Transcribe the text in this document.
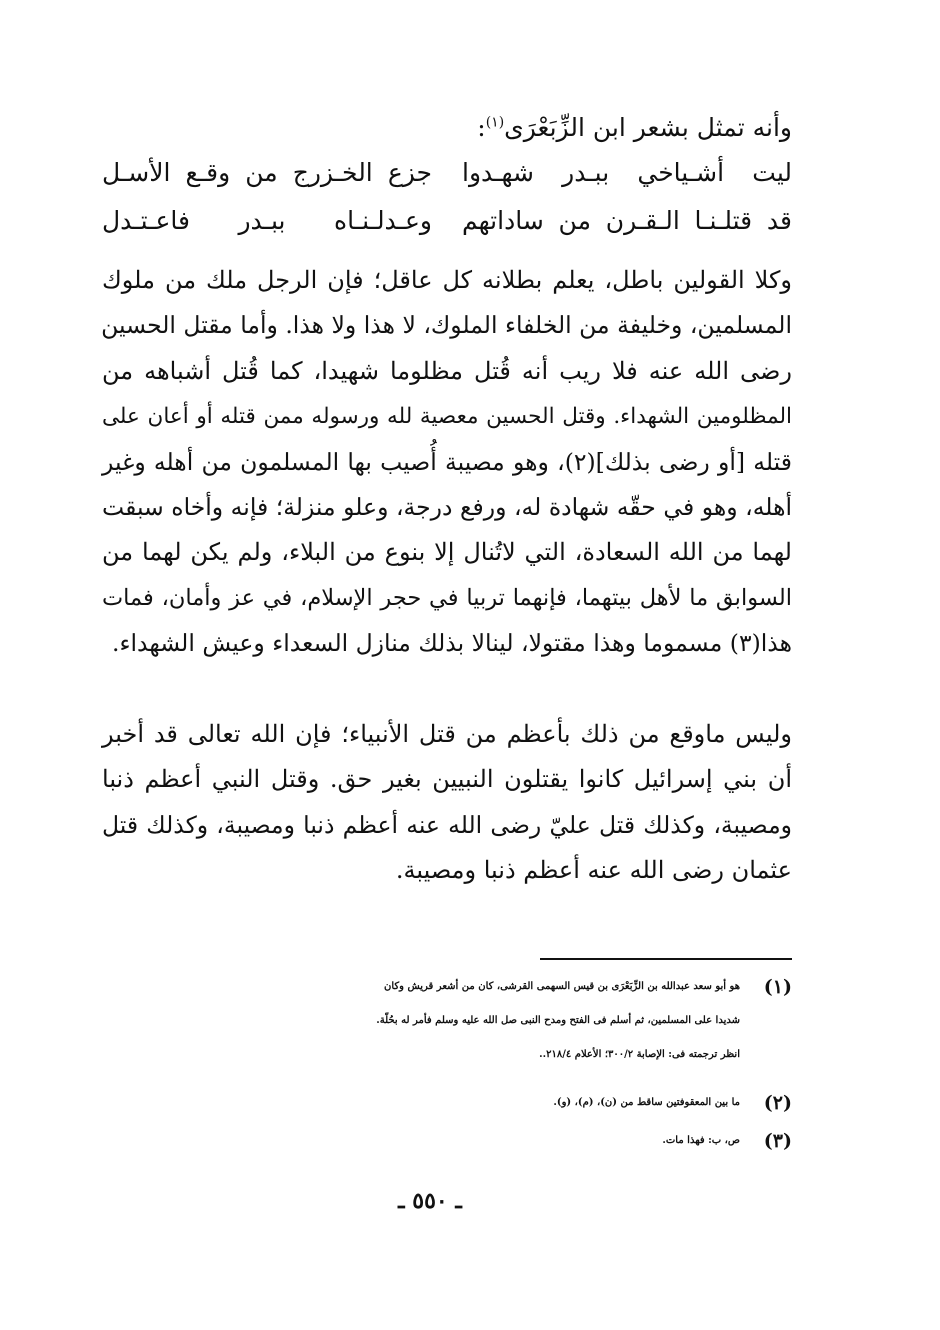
وأنه تمثل بشعر ابن الزِّبَعْرَى$^{(١)}$:
ليت أشـياخي ببـدر شهـدوا
جزع الخـزرج من وقـع الأسـل
قد قتلـنـا الـقـرن من ساداتهم
وعـدلـنـاه ببـدر فاعـتـدل
وكلا القولين باطل، يعلم بطلانه كل عاقل؛ فإن الرجل ملك من ملوك
المسلمين، وخليفة من الخلفاء الملوك، لا هذا ولا هذا. وأما مقتل الحسين
رضى الله عنه فلا ريب أنه قُتل مظلوما شهيدا، كما قُتل أشباهه من
المظلومين الشهداء. وقتل الحسين معصية لله ورسوله ممن قتله أو أعان على
قتله [أو رضى بذلك](٢)، وهو مصيبة أُصيب بها المسلمون من أهله وغير
أهله، وهو في حقّه شهادة له، ورفع درجة، وعلو منزلة؛ فإنه وأخاه سبقت
لهما من الله السعادة، التي لاتُنال إلا بنوع من البلاء، ولم يكن لهما من
السوابق ما لأهل بيتهما، فإنهما تربيا في حجر الإسلام، في عز وأمان، فمات
هذا(٣) مسموما وهذا مقتولا، لينالا بذلك منازل السعداء وعيش الشهداء.
وليس ماوقع من ذلك بأعظم من قتل الأنبياء؛ فإن الله تعالى قد أخبر
أن بني إسرائيل كانوا يقتلون النبيين بغير حق. وقتل النبي أعظم ذنبا
ومصيبة، وكذلك قتل عليّ رضى الله عنه أعظم ذنبا ومصيبة، وكذلك قتل
عثمان رضى الله عنه أعظم ذنبا ومصيبة.
(١)
هو أبو سعد عبدالله بن الزِّبَعْرَى بن قيس السهمى القرشى، كان من أشعر قريش وكان
شديدا على المسلمين، ثم أسلم فى الفتح ومدح النبى صل الله عليه وسلم فأمر له بحُلّة.
انظر ترجمته فى: الإصابة ٣٠٠/٢؛ الأعلام ٢١٨/٤..
(٢)
ما بين المعقوفتين ساقط من (ن)، (م)، (و).
(٣)
ص، ب: فهذا مات.
ـ ٥٥٠ ـ
